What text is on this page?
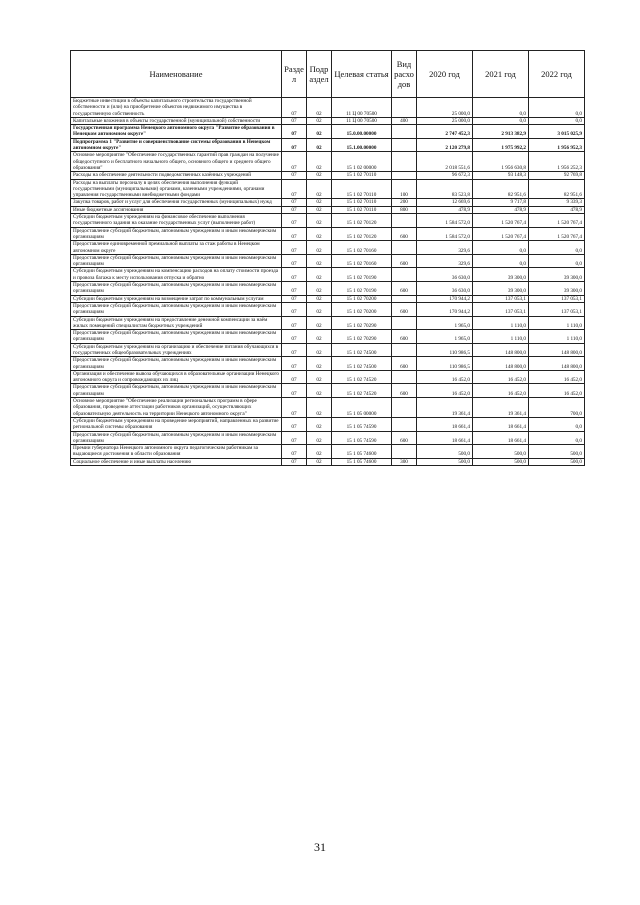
Наименование	Разде л	Подр аздел	Целевая статья	Вид расхо дов	2020 год	2021 год	2022 год
Бюджетные инвестиции в объекты капитального строительства государственной собственности и (или) на приобретение объектов недвижимого имущества в государственную собственность	07	02	11 Ц 00 70500		25 000,0	0,0	0,0
Капитальные вложения в объекты государственной (муниципальной) собственности	07	02	11 Ц 00 70500	400	25 000,0	0,0	0,0
Государственная программа Ненецкого автономного округа "Развитие образования в Ненецком автономном округе"	07	02	15.0.00.00000		2 747 452,3	2 913 382,9	3 015 025,9
Подпрограмма 1 "Развитие и совершенствование системы образования в Ненецком автономном округе"	07	02	15.1.00.00000		2 120 279,8	1 975 992,2	1 956 952,3
Основное мероприятие "Обеспечение государственных гарантий прав граждан на получение общедоступного и бесплатного начального общего, основного общего и среднего общего образования"	07	02	15 1 02 00000		2 018 551,6	1 956 630,8	1 956 252,3
Расходы на обеспечение деятельности подведомственных казённых учреждений	07	02	15 1 02 70110		96 672,3	93 148,3	92 769,8
Расходы на выплаты персоналу в целях обеспечения выполнения функций государственными (муниципальными) органами, казенными учреждениями, органами управления государственными внебюджетными фондами	07	02	15 1 02 70110	100	83 523,8	82 951,6	82 951,6
Закупка товаров, работ и услуг для обеспечения государственных (муниципальных) нужд	07	02	15 1 02 70110	200	12 669,6	9 717,8	9 339,3
Иные бюджетные ассигнования	07	02	15 1 02 70110	800	478,9	478,9	478,9
Субсидии бюджетным учреждениям на финансовое обеспечение выполнения государственного задания на оказание государственных услуг (выполнение работ)	07	02	15 1 02 70120		1 584 572,0	1 520 767,4	1 520 767,4
Предоставление субсидий бюджетным, автономным учреждениям и иным некоммерческим организациям	07	02	15 1 02 70120	600	1 584 572,0	1 520 767,4	1 520 767,4
Предоставление единовременной премиальной выплаты за стаж работы в Ненецком автономном округе	07	02	15 1 02 70160		329,6	0,0	0,0
Предоставление субсидий бюджетным, автономным учреждениям и иным некоммерческим организациям	07	02	15 1 02 70160	600	329,6	0,0	0,0
Субсидии бюджетным учреждениям на компенсацию расходов на оплату стоимости проезда и провоза багажа к месту использования отпуска и обратно	07	02	15 1 02 70190		36 630,0	39 300,0	39 300,0
Предоставление субсидий бюджетным, автономным учреждениям и иным некоммерческим организациям	07	02	15 1 02 70190	600	36 630,0	39 300,0	39 300,0
Субсидии бюджетным учреждениям на возмещение затрат по коммунальным услугам	07	02	15 1 02 70200		170 944,2	137 053,1	137 053,1
Предоставление субсидий бюджетным, автономным учреждениям и иным некоммерческим организациям	07	02	15 1 02 70200	600	170 944,2	137 053,1	137 053,1
Субсидии бюджетным учреждениям на предоставление денежной компенсации за наём жилых помещений специалистам бюджетных учреждений	07	02	15 1 02 70290		1 965,0	1 110,0	1 110,0
Предоставление субсидий бюджетным, автономным учреждениям и иным некоммерческим организациям	07	02	15 1 02 70290	600	1 965,0	1 110,0	1 110,0
Субсидии бюджетным учреждениям на организацию и обеспечение питания обучающихся в государственных общеобразовательных учреждениях	07	02	15 1 02 74500		110 986,5	148 800,0	148 800,0
Предоставление субсидий бюджетным, автономным учреждениям и иным некоммерческим организациям	07	02	15 1 02 74500	600	110 986,5	148 800,0	148 800,0
Организация и обеспечение вывоза обучающихся в образовательные организации Ненецкого автономного округа и сопровождающих их лиц	07	02	15 1 02 74520		16 452,0	16 452,0	16 452,0
Предоставление субсидий бюджетным, автономным учреждениям и иным некоммерческим организациям	07	02	15 1 02 74520	600	16 452,0	16 452,0	16 452,0
Основное мероприятие "Обеспечение реализации региональных программ в сфере образования, проведение аттестации работников организаций, осуществляющих образовательную деятельность на территории Ненецкого автономного округа"	07	02	15 1 05 00000		19 361,4	19 361,4	700,0
Субсидии бюджетным учреждениям на проведение мероприятий, направленных на развитие региональной системы образования	07	02	15 1 05 74590		18 661,4	18 661,4	0,0
Предоставление субсидий бюджетным, автономным учреждениям и иным некоммерческим организациям	07	02	15 1 05 74590	600	18 661,4	18 661,4	0,0
Премии губернатора Ненецкого автономного округа педагогическим работникам за выдающиеся достижения в области образования	07	02	15 1 05 74600		500,0	500,0	500,0
Социальное обеспечение и иные выплаты населению	07	02	15 1 05 74600	300	500,0	500,0	500,0
31
